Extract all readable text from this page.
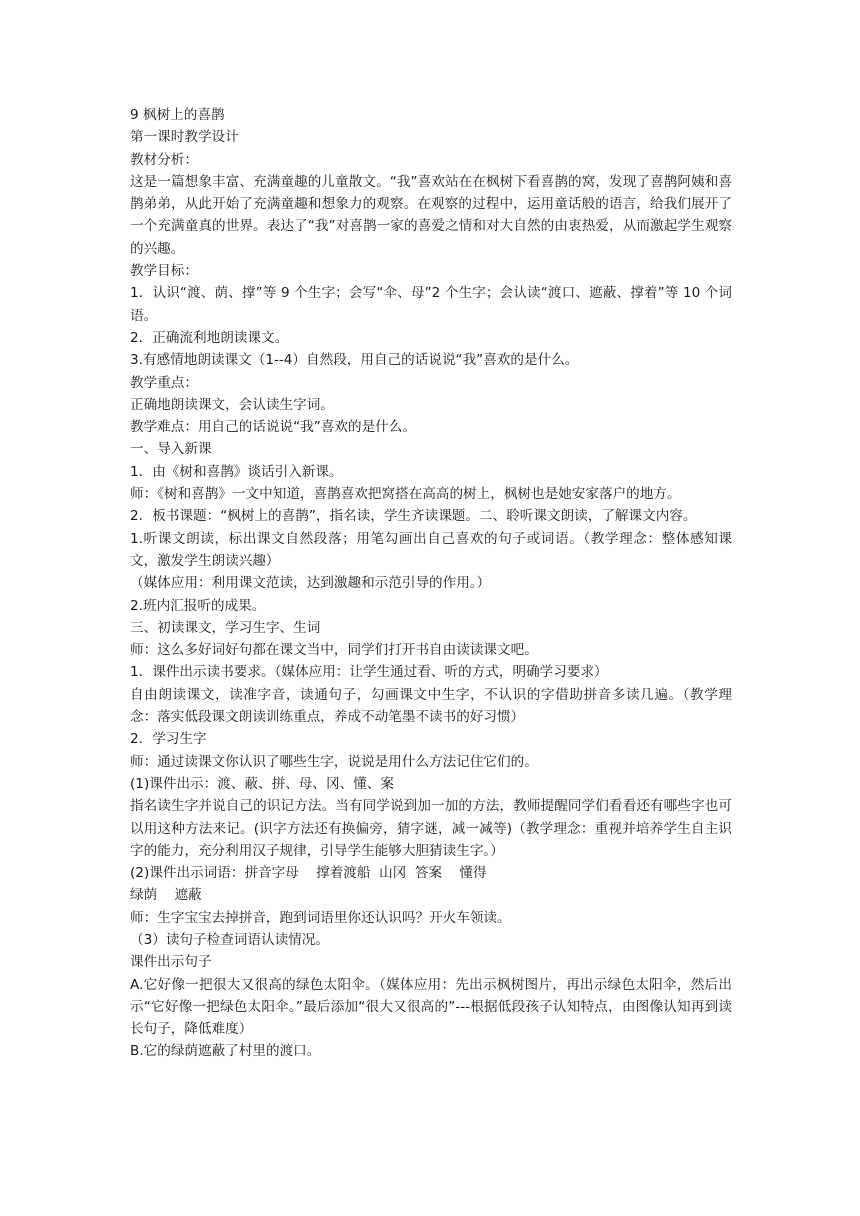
9 枫树上的喜鹊

第一课时教学设计

教材分析：

这是一篇想象丰富、充满童趣的儿童散文。“我”喜欢站在在枫树下看喜鹊的窝，发现了喜鹊阿姨和喜鹊弟弟，从此开始了充满童趣和想象力的观察。在观察的过程中，运用童话般的语言，给我们展开了一个充满童真的世界。表达了“我”对喜鹊一家的喜爱之情和对大自然的由衷热爱，从而激起学生观察的兴趣。

教学目标：

1．认识“渡、荫、撑”等 9 个生字；会写“伞、母”2 个生字；会认读“渡口、遮蔽、撑着”等 10 个词语。

2．正确流利地朗读课文。

3.有感情地朗读课文（1--4）自然段，用自己的话说说“我”喜欢的是什么。

教学重点：

正确地朗读课文，会认读生字词。

教学难点：用自己的话说说“我”喜欢的是什么。

一、导入新课

1．由《树和喜鹊》谈话引入新课。

师：《树和喜鹊》一文中知道，喜鹊喜欢把窝搭在高高的树上，枫树也是她安家落户的地方。

2．板书课题：“枫树上的喜鹊”，指名读，学生齐读课题。二、聆听课文朗读，了解课文内容。

1.听课文朗读，标出课文自然段落；用笔勾画出自己喜欢的句子或词语。（教学理念：整体感知课文，激发学生朗读兴趣）

（媒体应用：利用课文范读，达到激趣和示范引导的作用。）

2.班内汇报听的成果。

三、初读课文，学习生字、生词

师：这么多好词好句都在课文当中，同学们打开书自由读读课文吧。

1．课件出示读书要求。（媒体应用：让学生通过看、听的方式，明确学习要求）

自由朗读课文，读准字音，读通句子，勾画课文中生字，不认识的字借助拼音多读几遍。（教学理念：落实低段课文朗读训练重点，养成不动笔墨不读书的好习惯）

2．学习生字

师：通过读课文你认识了哪些生字，说说是用什么方法记住它们的。

(1)课件出示：渡、蔽、拼、母、冈、懂、案

指名读生字并说自己的识记方法。当有同学说到加一加的方法，教师提醒同学们看看还有哪些字也可以用这种方法来记。(识字方法还有换偏旁，猜字谜，减一减等)（教学理念：重视并培养学生自主识字的能力，充分利用汉子规律，引导学生能够大胆猜读生字。）

(2)课件出示词语：拼音字母    撑着渡船  山冈  答案    懂得

绿荫    遮蔽

师：生字宝宝去掉拼音，跑到词语里你还认识吗？开火车领读。

（3）读句子检查词语认读情况。

课件出示句子

A.它好像一把很大又很高的绿色太阳伞。（媒体应用：先出示枫树图片，再出示绿色太阳伞，然后出示“它好像一把绿色太阳伞。”最后添加“很大又很高的”---根据低段孩子认知特点，由图像认知再到读长句子，降低难度）

B.它的绿荫遮蔽了村里的渡口。
